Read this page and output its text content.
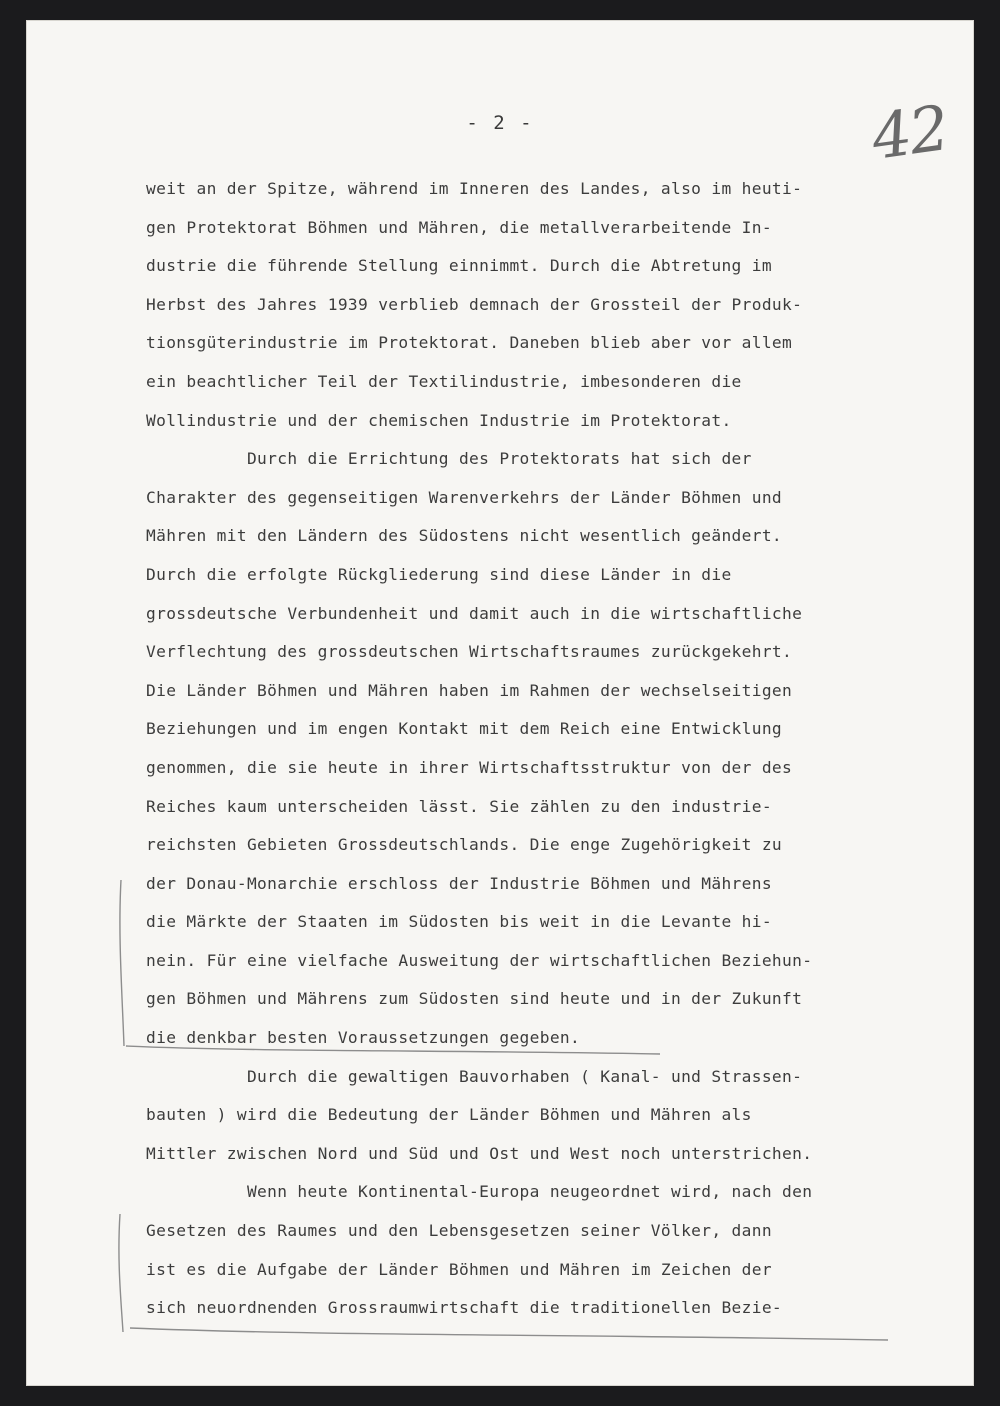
- 2 -	42
weit an der Spitze, während im Inneren des Landes, also im heuti-
gen Protektorat Böhmen und Mähren, die metallverarbeitende In-
dustrie die führende Stellung einnimmt. Durch die Abtretung im
Herbst des Jahres 1939 verblieb demnach der Grossteil der Produk-
tionsgüterindustrie im Protektorat. Daneben blieb aber vor allem
ein beachtlicher Teil der Textilindustrie, imbesonderen die
Wollindustrie und der chemischen Industrie im Protektorat.
Durch die Errichtung des Protektorats hat sich der
Charakter des gegenseitigen Warenverkehrs der Länder Böhmen und
Mähren mit den Ländern des Südostens nicht wesentlich geändert.
Durch die erfolgte Rückgliederung sind diese Länder in die
grossdeutsche Verbundenheit und damit auch in die wirtschaftliche
Verflechtung des grossdeutschen Wirtschaftsraumes zurückgekehrt.
Die Länder Böhmen und Mähren haben im Rahmen der wechselseitigen
Beziehungen und im engen Kontakt mit dem Reich eine Entwicklung
genommen, die sie heute in ihrer Wirtschaftsstruktur von der des
Reiches kaum unterscheiden lässt. Sie zählen zu den industrie-
reichsten Gebieten Grossdeutschlands. Die enge Zugehörigkeit zu
der Donau-Monarchie erschloss der Industrie Böhmen und Mährens
die Märkte der Staaten im Südosten bis weit in die Levante hi-
nein. Für eine vielfache Ausweitung der wirtschaftlichen Beziehun-
gen Böhmen und Mährens zum Südosten sind heute und in der Zukunft
die denkbar besten Voraussetzungen gegeben.
Durch die gewaltigen Bauvorhaben ( Kanal- und Strassen-
bauten ) wird die Bedeutung der Länder Böhmen und Mähren als
Mittler zwischen Nord und Süd und Ost und West noch unterstrichen.
Wenn heute Kontinental-Europa neugeordnet wird, nach den
Gesetzen des Raumes und den Lebensgesetzen seiner Völker, dann
ist es die Aufgabe der Länder Böhmen und Mähren im Zeichen der
sich neuordnenden Grossraumwirtschaft die traditionellen Bezie-
